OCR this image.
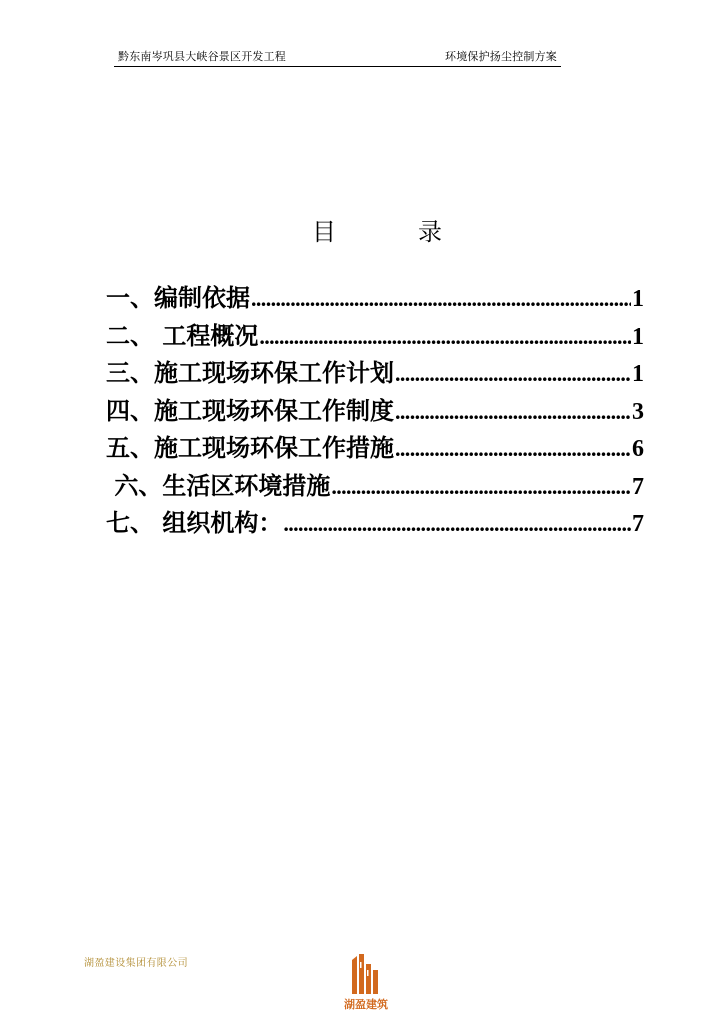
黔东南岑巩县大峡谷景区开发工程	环境保护扬尘控制方案
目	录
一、编制依据 .....	1
二、 工程概况 .....	1
三、施工现场环保工作计划 .....	1
四、施工现场环保工作制度 .....	3
五、施工现场环保工作措施 .....	6
六、生活区环境措施 .....	7
七、 组织机构： .....	7
湖盈建设集团有限公司
湖盈建筑
